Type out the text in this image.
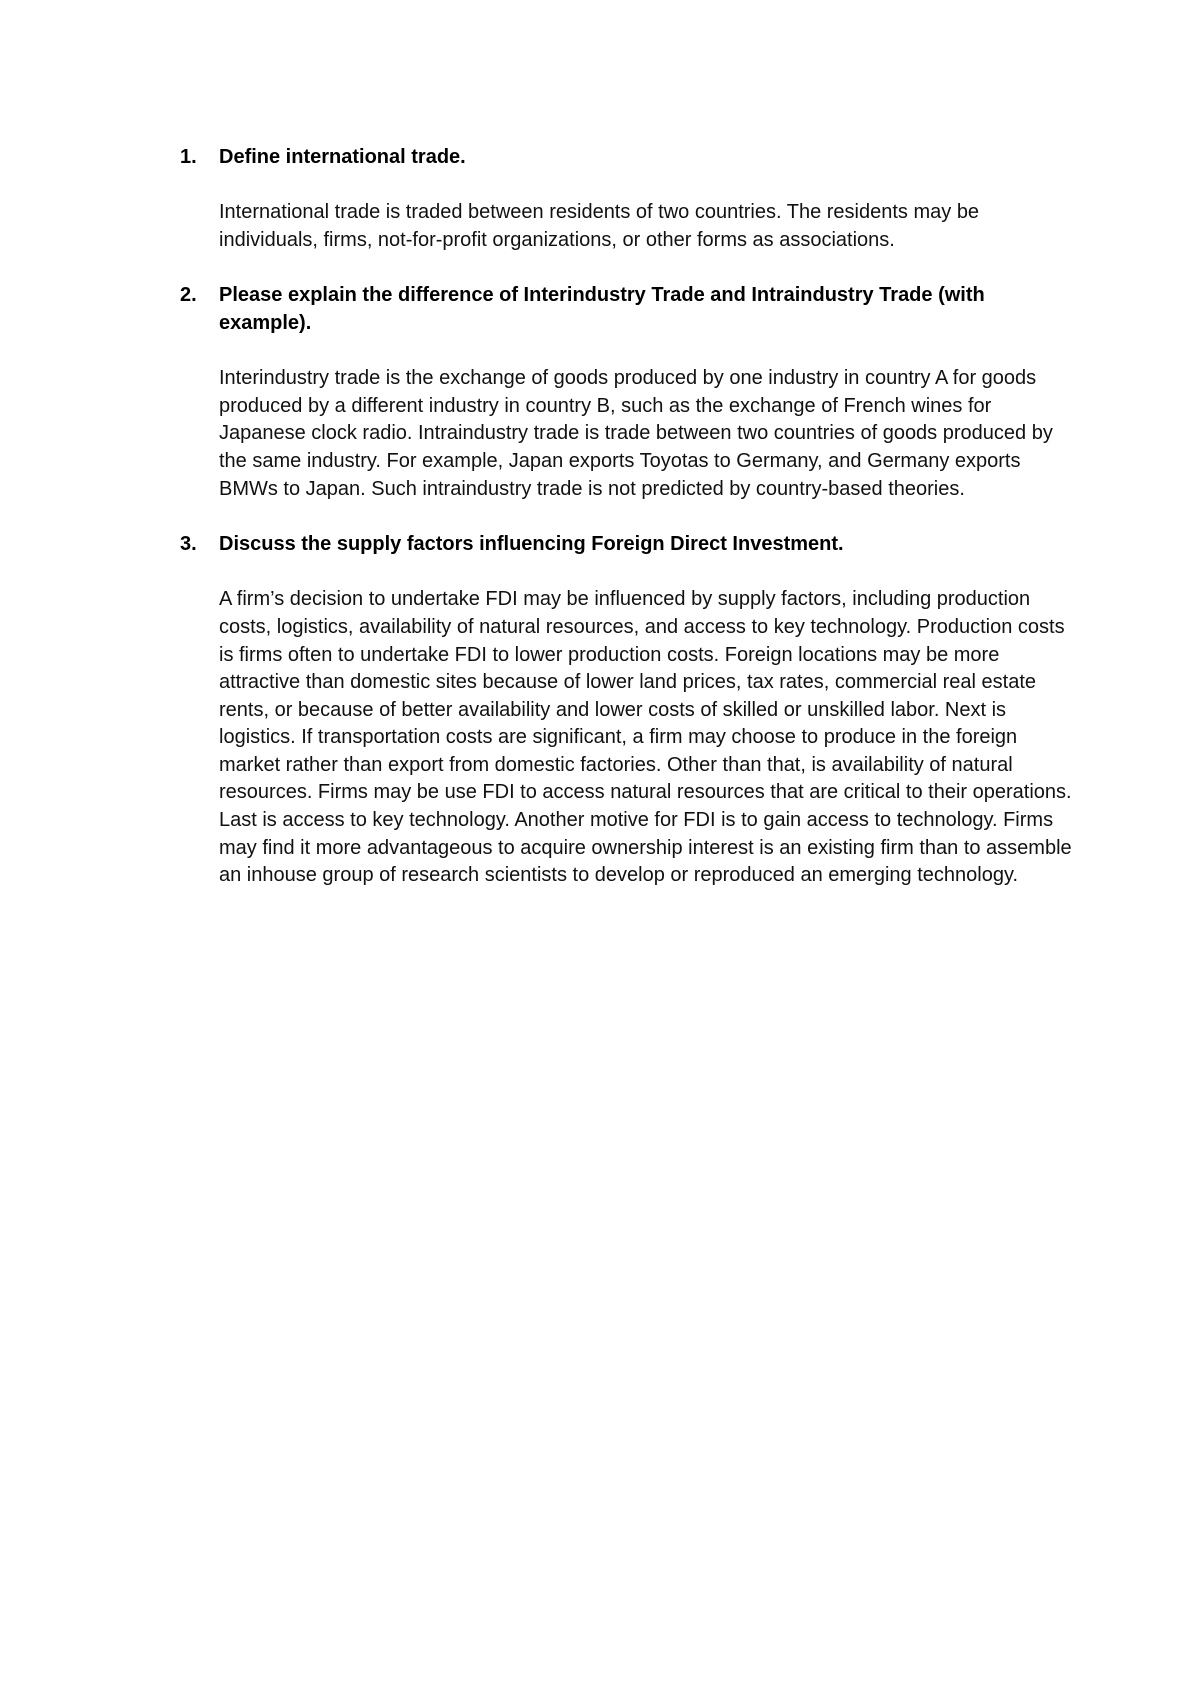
1. Define international trade.

International trade is traded between residents of two countries. The residents may be individuals, firms, not-for-profit organizations, or other forms as associations.

2. Please explain the difference of Interindustry Trade and Intraindustry Trade (with example).

Interindustry trade is the exchange of goods produced by one industry in country A for goods produced by a different industry in country B, such as the exchange of French wines for Japanese clock radio. Intraindustry trade is trade between two countries of goods produced by the same industry. For example, Japan exports Toyotas to Germany, and Germany exports BMWs to Japan. Such intraindustry trade is not predicted by country-based theories.

3. Discuss the supply factors influencing Foreign Direct Investment.

A firm’s decision to undertake FDI may be influenced by supply factors, including production costs, logistics, availability of natural resources, and access to key technology. Production costs is firms often to undertake FDI to lower production costs. Foreign locations may be more attractive than domestic sites because of lower land prices, tax rates, commercial real estate rents, or because of better availability and lower costs of skilled or unskilled labor. Next is logistics. If transportation costs are significant, a firm may choose to produce in the foreign market rather than export from domestic factories. Other than that, is availability of natural resources. Firms may be use FDI to access natural resources that are critical to their operations. Last is access to key technology. Another motive for FDI is to gain access to technology. Firms may find it more advantageous to acquire ownership interest is an existing firm than to assemble an inhouse group of research scientists to develop or reproduced an emerging technology.
